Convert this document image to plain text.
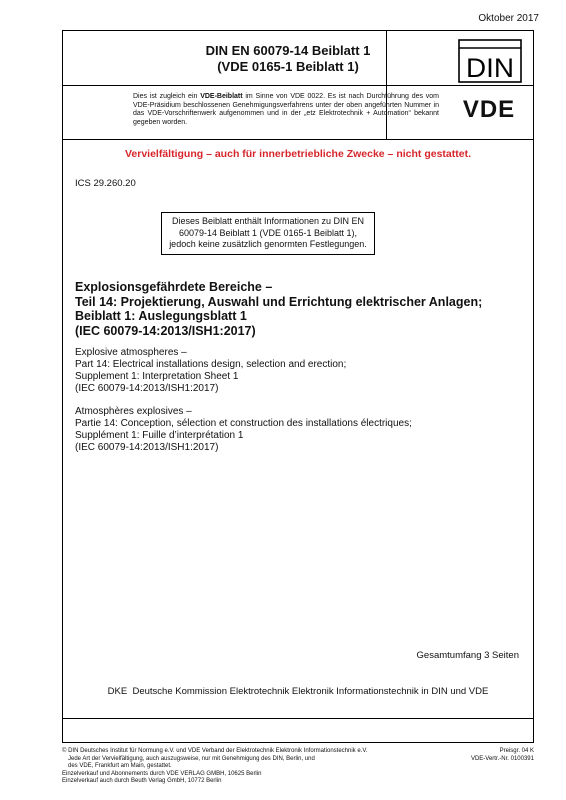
Oktober 2017
DIN EN 60079-14 Beiblatt 1
(VDE 0165-1 Beiblatt 1)
Dies ist zugleich ein VDE-Beiblatt im Sinne von VDE 0022. Es ist nach Durchführung des vom VDE-Präsidium beschlossenen Genehmigungsverfahrens unter der oben angeführten Nummer in das VDE-Vorschriftenwerk aufgenommen und in der „etz Elektrotechnik + Automation“ bekannt gegeben worden.
DIN
VDE
Vervielfältigung – auch für innerbetriebliche Zwecke – nicht gestattet.
ICS 29.260.20
Dieses Beiblatt enthält Informationen zu DIN EN 60079-14 Beiblatt 1 (VDE 0165-1 Beiblatt 1), jedoch keine zusätzlich genormten Festlegungen.
Explosionsgefährdete Bereiche –
Teil 14: Projektierung, Auswahl und Errichtung elektrischer Anlagen;
Beiblatt 1: Auslegungsblatt 1
(IEC 60079-14:2013/ISH1:2017)
Explosive atmospheres –
Part 14: Electrical installations design, selection and erection;
Supplement 1: Interpretation Sheet 1
(IEC 60079-14:2013/ISH1:2017)
Atmosphères explosives –
Partie 14: Conception, sélection et construction des installations électriques;
Supplément 1: Fuille d’interprétation 1
(IEC 60079-14:2013/ISH1:2017)
Gesamtumfang 3 Seiten
DKE  Deutsche Kommission Elektrotechnik Elektronik Informationstechnik in DIN und VDE
© DIN Deutsches Institut für Normung e.V. und VDE Verband der Elektrotechnik Elektronik Informationstechnik e.V.
Jede Art der Vervielfältigung, auch auszugsweise, nur mit Genehmigung des DIN, Berlin, und
des VDE, Frankfurt am Main, gestattet.
Einzelverkauf und Abonnements durch VDE VERLAG GMBH, 10625 Berlin
Einzelverkauf auch durch Beuth Verlag GmbH, 10772 Berlin
Preisgr. 04 K
VDE-Vertr.-Nr. 0100391
